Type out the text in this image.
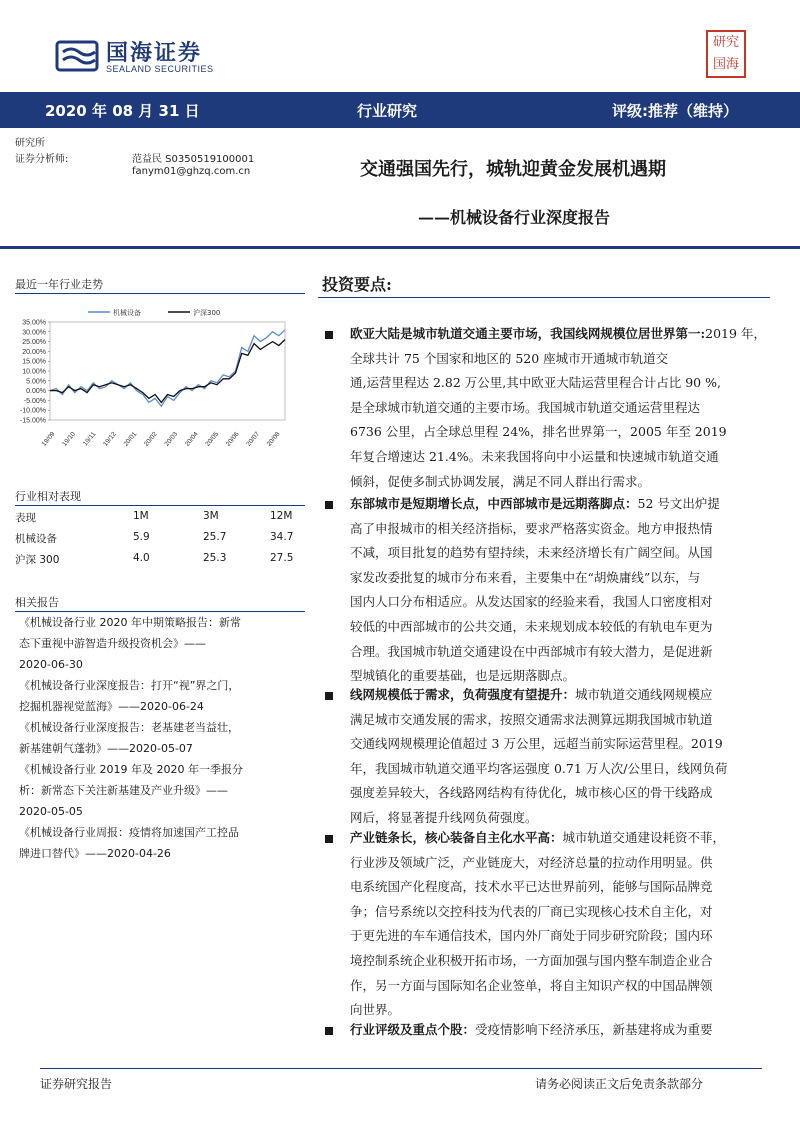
国海证券
SEALAND SECURITIES
研究
国海
2020 年 08 月 31 日	行业研究	评级:推荐（维持）
研究所
证券分析师:	范益民 S0350519100001
fanym01@ghzq.com.cn	交通强国先行，城轨迎黄金发展机遇期
——机械设备行业深度报告
最近一年行业走势
-15.00%
-10.00%
-5.00%
0.00%
5.00%
10.00%
15.00%
20.00%
25.00%
30.00%
35.00%
19/09 19/10 19/11 19/12 20/01 20/02 20/03 20/04 20/05 20/06 20/07 20/08
机械设备	沪深300
行业相对表现
表现	1M	3M	12M
机械设备	5.9	25.7	34.7
沪深 300	4.0	25.3	27.5
相关报告
《机械设备行业 2020 年中期策略报告：新常
态下重视中游智造升级投资机会》——
2020-06-30
《机械设备行业深度报告：打开“视”界之门，
挖掘机器视觉蓝海》——2020-06-24
《机械设备行业深度报告：老基建老当益壮，
新基建朝气蓬勃》——2020-05-07
《机械设备行业 2019 年及 2020 年一季报分
析：新常态下关注新基建及产业升级》——
2020-05-05
《机械设备行业周报：疫情将加速国产工控品
牌进口替代》——2020-04-26
投资要点:
欧亚大陆是城市轨道交通主要市场，我国线网规模位居世界第一:2019 年，全球共计 75 个国家和地区的 520 座城市开通城市轨道交
通,运营里程达 2.82 万公里,其中欧亚大陆运营里程合计占比 90 %,
是全球城市轨道交通的主要市场。我国城市轨道交通运营里程达
6736 公里，占全球总里程 24%，排名世界第一，2005 年至 2019
年复合增速达 21.4%。未来我国将向中小运量和快速城市轨道交通
倾斜，促使多制式协调发展，满足不同人群出行需求。
东部城市是短期增长点，中西部城市是远期落脚点：52 号文出炉提
高了申报城市的相关经济指标，要求严格落实资金。地方申报热情
不减，项目批复的趋势有望持续，未来经济增长有广阔空间。从国
家发改委批复的城市分布来看，主要集中在“胡焕庸线”以东，与
国内人口分布相适应。从发达国家的经验来看，我国人口密度相对
较低的中西部城市的公共交通，未来规划成本较低的有轨电车更为
合理。我国城市轨道交通建设在中西部城市有较大潜力，是促进新
型城镇化的重要基础，也是远期落脚点。
线网规模低于需求，负荷强度有望提升：城市轨道交通线网规模应
满足城市交通发展的需求，按照交通需求法测算远期我国城市轨道
交通线网规模理论值超过 3 万公里，远超当前实际运营里程。2019
年，我国城市轨道交通平均客运强度 0.71 万人次/公里日，线网负荷
强度差异较大，各线路网结构有待优化，城市核心区的骨干线路成
网后，将显著提升线网负荷强度。
产业链条长，核心装备自主化水平高：城市轨道交通建设耗资不菲，
行业涉及领域广泛，产业链庞大，对经济总量的拉动作用明显。供
电系统国产化程度高，技术水平已达世界前列，能够与国际品牌竞
争；信号系统以交控科技为代表的厂商已实现核心技术自主化，对
于更先进的车车通信技术，国内外厂商处于同步研究阶段；国内环
境控制系统企业积极开拓市场，一方面加强与国内整车制造企业合
作，另一方面与国际知名企业签单，将自主知识产权的中国品牌领
向世界。
行业评级及重点个股：受疫情影响下经济承压，新基建将成为重要
证券研究报告	请务必阅读正文后免责条款部分
